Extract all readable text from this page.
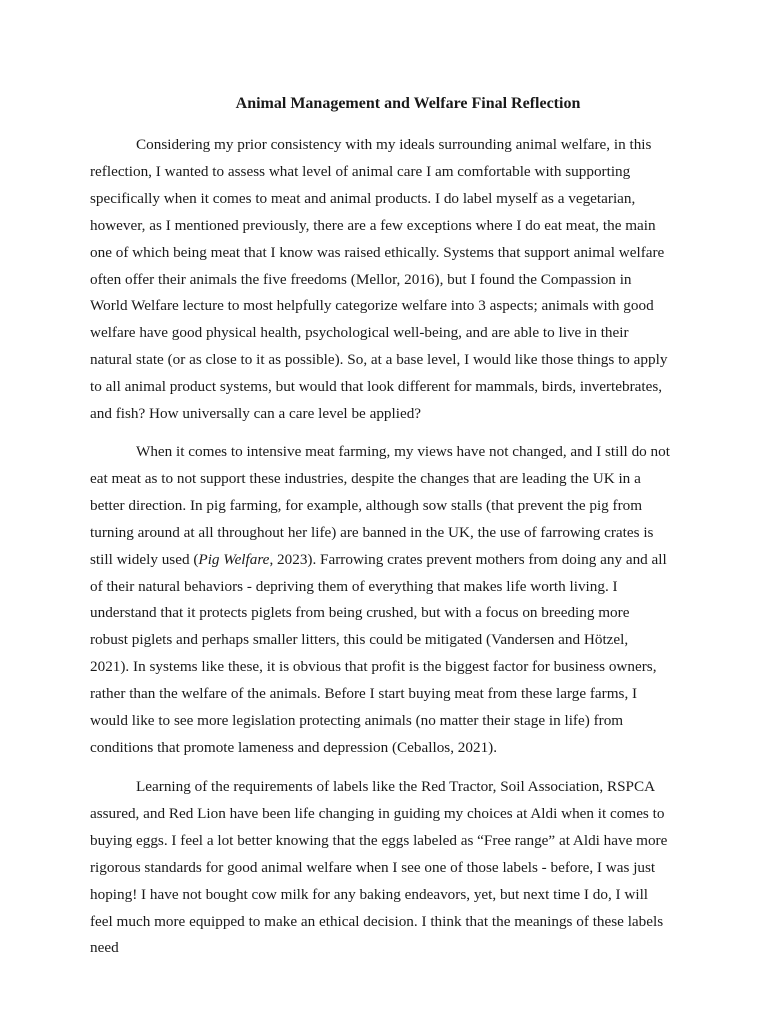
Animal Management and Welfare Final Reflection

Considering my prior consistency with my ideals surrounding animal welfare, in this reflection, I wanted to assess what level of animal care I am comfortable with supporting specifically when it comes to meat and animal products. I do label myself as a vegetarian, however, as I mentioned previously, there are a few exceptions where I do eat meat, the main one of which being meat that I know was raised ethically. Systems that support animal welfare often offer their animals the five freedoms (Mellor, 2016), but I found the Compassion in World Welfare lecture to most helpfully categorize welfare into 3 aspects; animals with good welfare have good physical health, psychological well-being, and are able to live in their natural state (or as close to it as possible). So, at a base level, I would like those things to apply to all animal product systems, but would that look different for mammals, birds, invertebrates, and fish? How universally can a care level be applied?

When it comes to intensive meat farming, my views have not changed, and I still do not eat meat as to not support these industries, despite the changes that are leading the UK in a better direction. In pig farming, for example, although sow stalls (that prevent the pig from turning around at all throughout her life) are banned in the UK, the use of farrowing crates is still widely used (Pig Welfare, 2023). Farrowing crates prevent mothers from doing any and all of their natural behaviors - depriving them of everything that makes life worth living. I understand that it protects piglets from being crushed, but with a focus on breeding more robust piglets and perhaps smaller litters, this could be mitigated (Vandersen and Hötzel, 2021). In systems like these, it is obvious that profit is the biggest factor for business owners, rather than the welfare of the animals. Before I start buying meat from these large farms, I would like to see more legislation protecting animals (no matter their stage in life) from conditions that promote lameness and depression (Ceballos, 2021).

Learning of the requirements of labels like the Red Tractor, Soil Association, RSPCA assured, and Red Lion have been life changing in guiding my choices at Aldi when it comes to buying eggs. I feel a lot better knowing that the eggs labeled as “Free range” at Aldi have more rigorous standards for good animal welfare when I see one of those labels - before, I was just hoping! I have not bought cow milk for any baking endeavors, yet, but next time I do, I will feel much more equipped to make an ethical decision. I think that the meanings of these labels need
